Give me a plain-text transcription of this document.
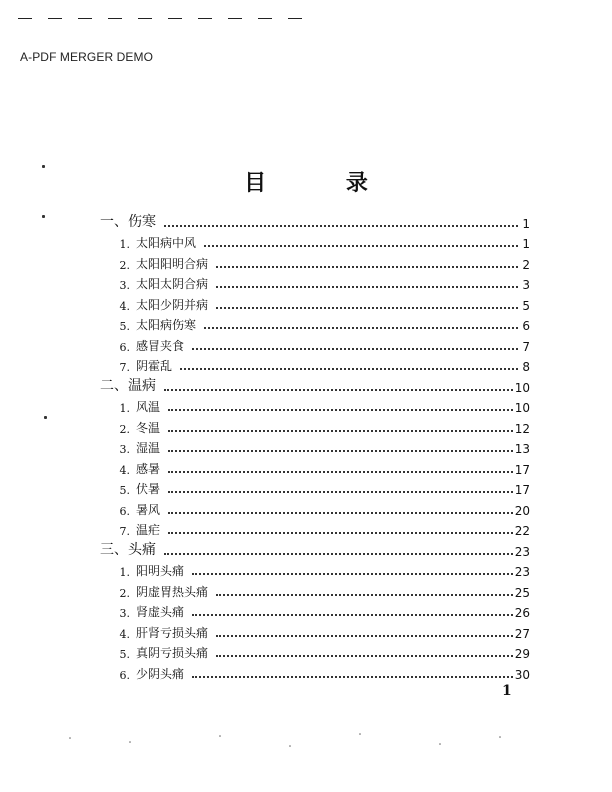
A-PDF MERGER DEMO
目 录
一、伤寒	1
1. 太阳病中风	1
2. 太阳阳明合病	2
3. 太阳太阴合病	3
4. 太阳少阴并病	5
5. 太阳病伤寒	6
6. 感冒夹食	7
7. 阴霍乱	8
二、温病	10
1. 风温	10
2. 冬温	12
3. 湿温	13
4. 感暑	17
5. 伏暑	17
6. 暑风	20
7. 温疟	22
三、头痛	23
1. 阳明头痛	23
2. 阴虚胃热头痛	25
3. 肾虚头痛	26
4. 肝肾亏损头痛	27
5. 真阴亏损头痛	29
6. 少阴头痛	30
1
